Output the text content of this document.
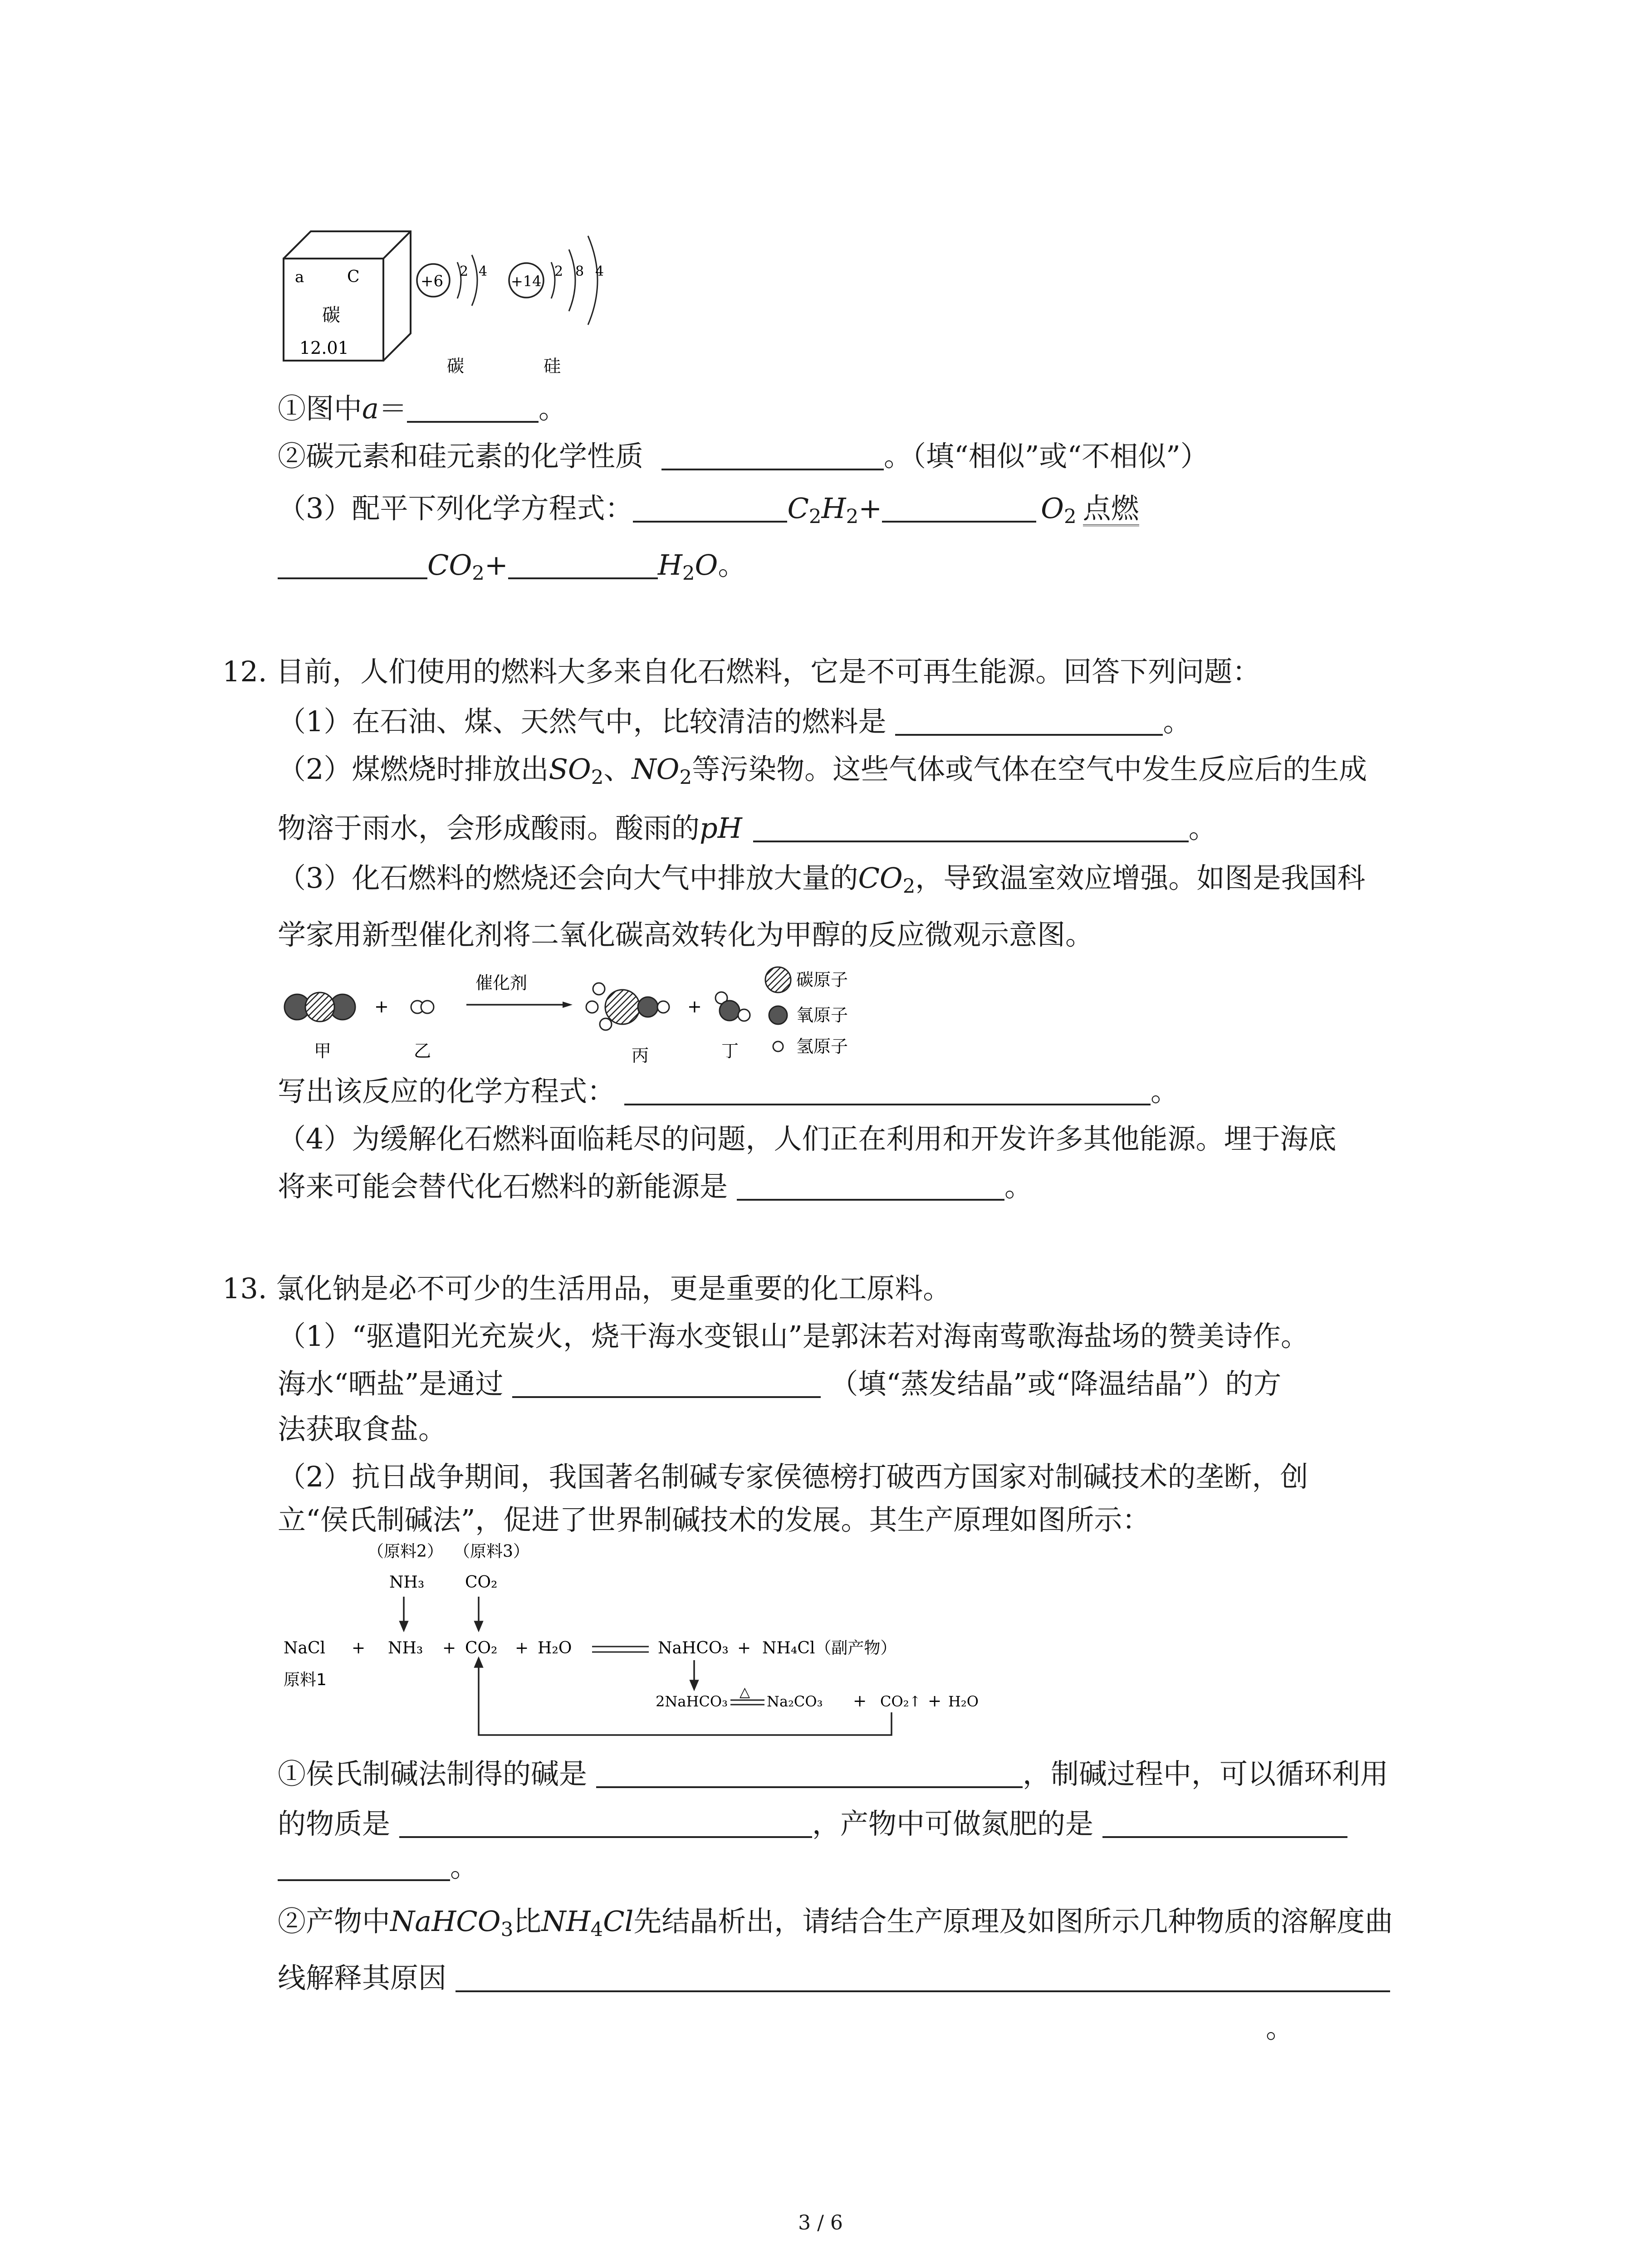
a	C
碳
12.01
+6
2 4
碳
+14
2 8 4
硅
①图中a＝	。
②碳元素和硅元素的化学性质	。（填“相似”或“不相似”）
（3）配平下列化学方程式：	$C_2H_2+$	$O_2$ 点燃
$CO_2+$	$H_2O$。
12. 目前，人们使用的燃料大多来自化石燃料，它是不可再生能源。回答下列问题：
（1）在石油、煤、天然气中，比较清洁的燃料是	。
（2）煤燃烧时排放出$SO_2$、$NO_2$等污染物。这些气体或气体在空气中发生反应后的生成
物溶于雨水，会形成酸雨。酸雨的pH	。
（3）化石燃料的燃烧还会向大气中排放大量的$CO_2$，导致温室效应增强。如图是我国科
学家用新型催化剂将二氧化碳高效转化为甲醇的反应微观示意图。
甲
+
乙
催化剂
丙
+
丁
碳原子
氧原子
氢原子
写出该反应的化学方程式：	。
（4）为缓解化石燃料面临耗尽的问题，人们正在利用和开发许多其他能源。埋于海底
将来可能会替代化石燃料的新能源是	。
13. 氯化钠是必不可少的生活用品，更是重要的化工原料。
（1）“驱遣阳光充炭火，烧干海水变银山”是郭沫若对海南莺歌海盐场的赞美诗作。
海水“晒盐”是通过	（填“蒸发结晶”或“降温结晶”）的方
法获取食盐。
（2）抗日战争期间，我国著名制碱专家侯德榜打破西方国家对制碱技术的垄断，创
立“侯氏制碱法”，促进了世界制碱技术的发展。其生产原理如图所示：
（原料2） （原料3）
NH₃ CO₂
NaCl
原料1
+ NH₃ + CO₂ + H₂O	NaHCO₃ + NH₄Cl（副产物）
2NaHCO₃
△
Na₂CO₃ + CO₂↑ + H₂O
①侯氏制碱法制得的碱是	，制碱过程中，可以循环利用
的物质是	，产物中可做氮肥的是
。
②产物中NaHCO$_3$比$NH_4Cl$先结晶析出，请结合生产原理及如图所示几种物质的溶解度曲
线解释其原因
。
3 / 6
